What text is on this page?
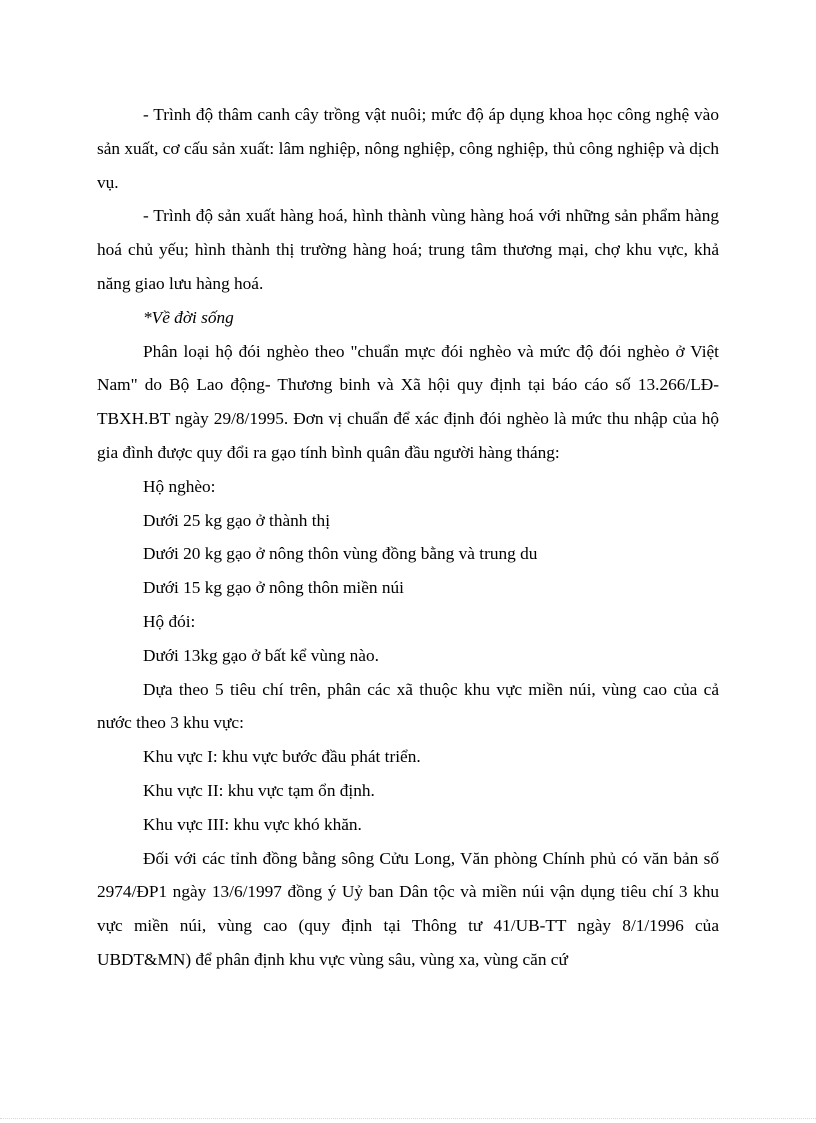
- Trình độ thâm canh cây trồng vật nuôi; mức độ áp dụng khoa học công nghệ vào sản xuất, cơ cấu sản xuất: lâm nghiệp, nông nghiệp, công nghiệp, thủ công nghiệp và dịch vụ.

- Trình độ sản xuất hàng hoá, hình thành vùng hàng hoá với những sản phẩm hàng hoá chủ yếu; hình thành thị trường hàng hoá; trung tâm thương mại, chợ khu vực, khả năng giao lưu hàng hoá.

*Về đời sống

Phân loại hộ đói nghèo theo "chuẩn mực đói nghèo và mức độ đói nghèo ở Việt Nam" do Bộ Lao động- Thương binh và Xã hội quy định tại báo cáo số 13.266/LĐ-TBXH.BT ngày 29/8/1995. Đơn vị chuẩn để xác định đói nghèo là mức thu nhập của hộ gia đình được quy đổi ra gạo tính bình quân đầu người hàng tháng:

Hộ nghèo:

Dưới 25 kg gạo ở thành thị

Dưới 20 kg gạo ở nông thôn vùng đồng bằng và trung du

Dưới 15 kg gạo ở nông thôn miền núi

Hộ đói:

Dưới 13kg gạo ở bất kể vùng nào.

Dựa theo 5 tiêu chí trên, phân các xã thuộc khu vực miền núi, vùng cao của cả nước theo 3 khu vực:

Khu vực I: khu vực bước đầu phát triển.

Khu vực II: khu vực tạm ổn định.

Khu vực III: khu vực khó khăn.

Đối với các tỉnh đồng bằng sông Cửu Long, Văn phòng Chính phủ có văn bản số 2974/ĐP1 ngày 13/6/1997 đồng ý Uỷ ban Dân tộc và miền núi vận dụng tiêu chí 3 khu vực miền núi, vùng cao (quy định tại Thông tư 41/UB-TT ngày 8/1/1996 của UBDT&MN) để phân định khu vực vùng sâu, vùng xa, vùng căn cứ
